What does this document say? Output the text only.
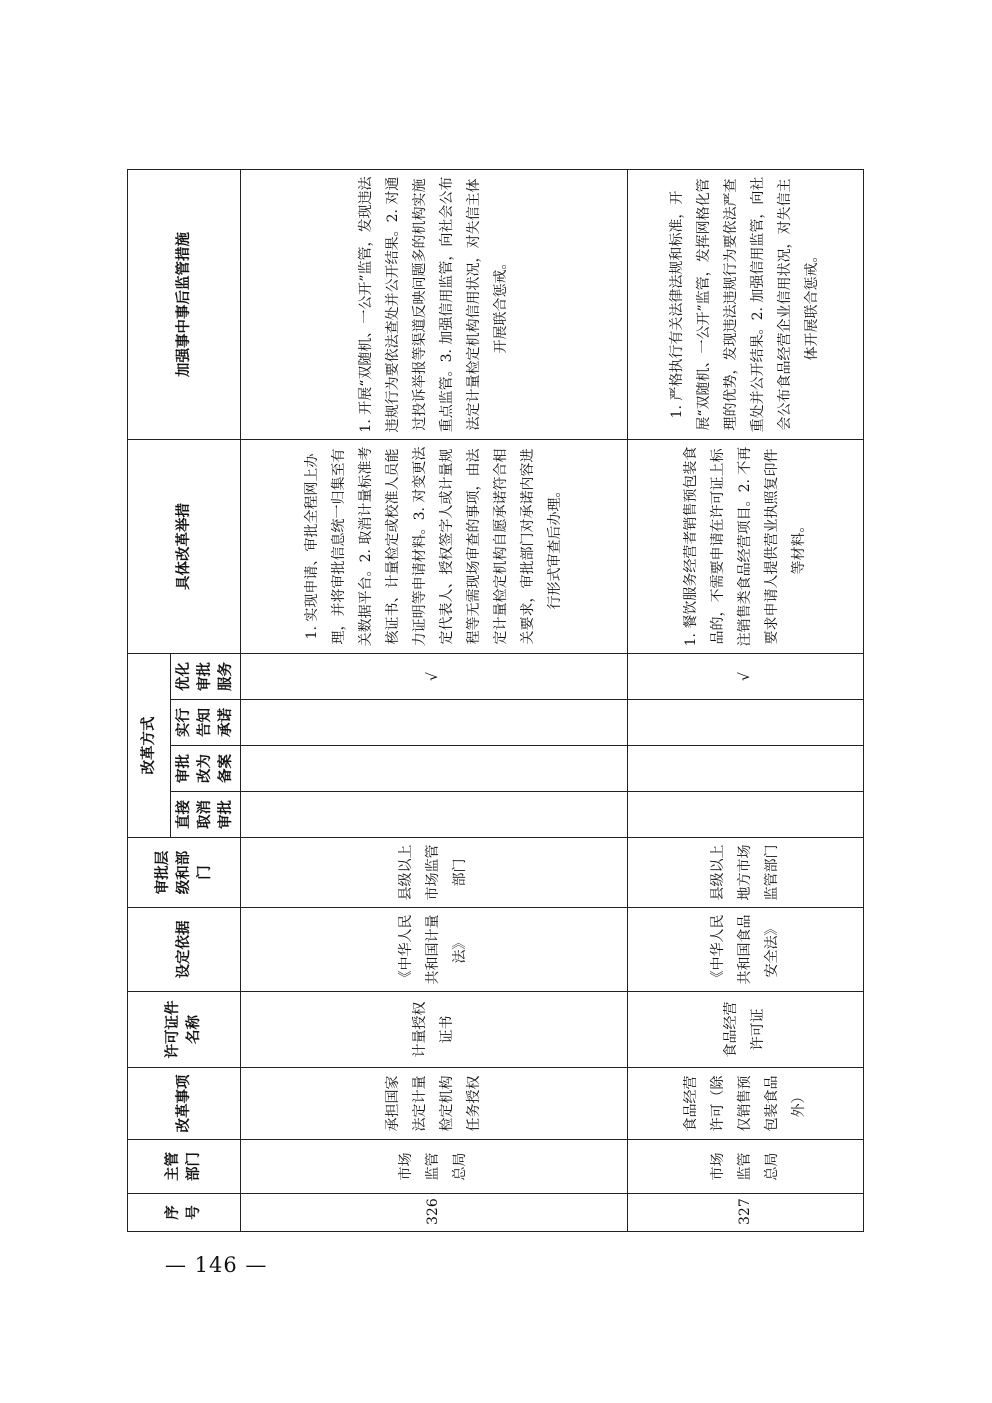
序号	主管部门	改革事项	许可证件名称	设定依据	审批层级和部门	改革方式				具体改革举措	加强事中事后监管措施
						直接取消审批	审批改为备案	实行告知承诺	优化审批服务		
326	市场监管总局	承担国家法定计量检定机构任务授权	计量授权证书	《中华人民共和国计量法》	县级以上市场监管部门				√	1. 实现申请、审批全程网上办理，并将审批信息统一归集至有关数据平台。2. 取消计量标准考核证书、计量检定或校准人员能力证明等申请材料。3. 对变更法定代表人、授权签字人或计量规程等无需现场审查的事项，由法定计量检定机构自愿承诺符合相关要求，审批部门对承诺内容进行形式审查后办理。	1. 开展“双随机、一公开”监管，发现违法违规行为要依法查处并公开结果。2. 对通过投诉举报等渠道反映问题多的机构实施重点监管。3. 加强信用监管，向社会公布法定计量检定机构信用状况，对失信主体开展联合惩戒。
327	市场监管总局	食品经营许可（除仅销售预包装食品外）	食品经营许可证	《中华人民共和国食品安全法》	县级以上地方市场监管部门				√	1. 餐饮服务经营者销售预包装食品的，不需要申请在许可证上标注销售类食品经营项目。2. 不再要求申请人提供营业执照复印件等材料。	1. 严格执行有关法律法规和标准，开展“双随机、一公开”监管，发挥网格化管理的优势，发现违法违规行为要依法严查重处并公开结果。2. 加强信用监管，向社会公布食品经营企业信用状况，对失信主体开展联合惩戒。
— 146 —
